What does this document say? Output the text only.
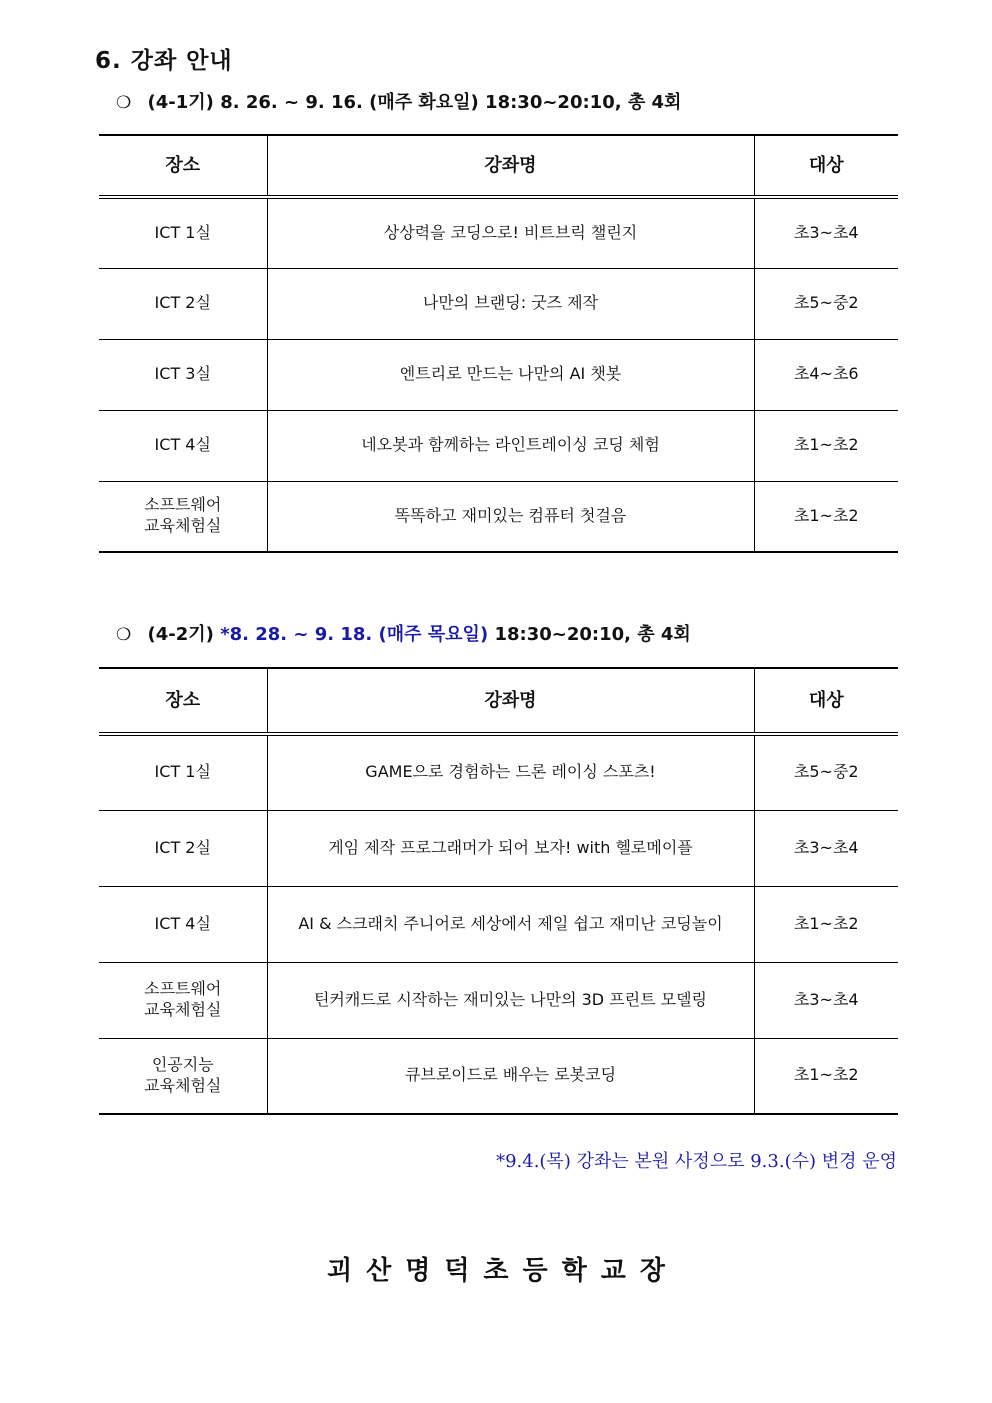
6. 강좌 안내
❍ (4-1기) 8. 26. ~ 9. 16. (매주 화요일) 18:30~20:10, 총 4회
장소	강좌명	대상

ICT 1실	상상력을 코딩으로! 비트브릭 챌린지	초3~초4

ICT 2실	나만의 브랜딩: 굿즈 제작	초5~중2

ICT 3실	엔트리로 만드는 나만의 AI 챗봇	초4~초6

ICT 4실	네오봇과 함께하는 라인트레이싱 코딩 체험	초1~초2

소프트웨어
교육체험실	똑똑하고 재미있는 컴퓨터 첫걸음	초1~초2
❍ (4-2기) *8. 28. ~ 9. 18. (매주 목요일) 18:30~20:10, 총 4회
장소	강좌명	대상

ICT 1실	GAME으로 경험하는 드론 레이싱 스포츠!	초5~중2

ICT 2실	게임 제작 프로그래머가 되어 보자! with 헬로메이플	초3~초4

ICT 4실	AI & 스크래치 주니어로 세상에서 제일 쉽고 재미난 코딩놀이	초1~초2

소프트웨어
교육체험실	틴커캐드로 시작하는 재미있는 나만의 3D 프린트 모델링	초3~초4

인공지능
교육체험실	큐브로이드로 배우는 로봇코딩	초1~초2
*9.4.(목) 강좌는 본원 사정으로 9.3.(수) 변경 운영
괴산명덕초등학교장
